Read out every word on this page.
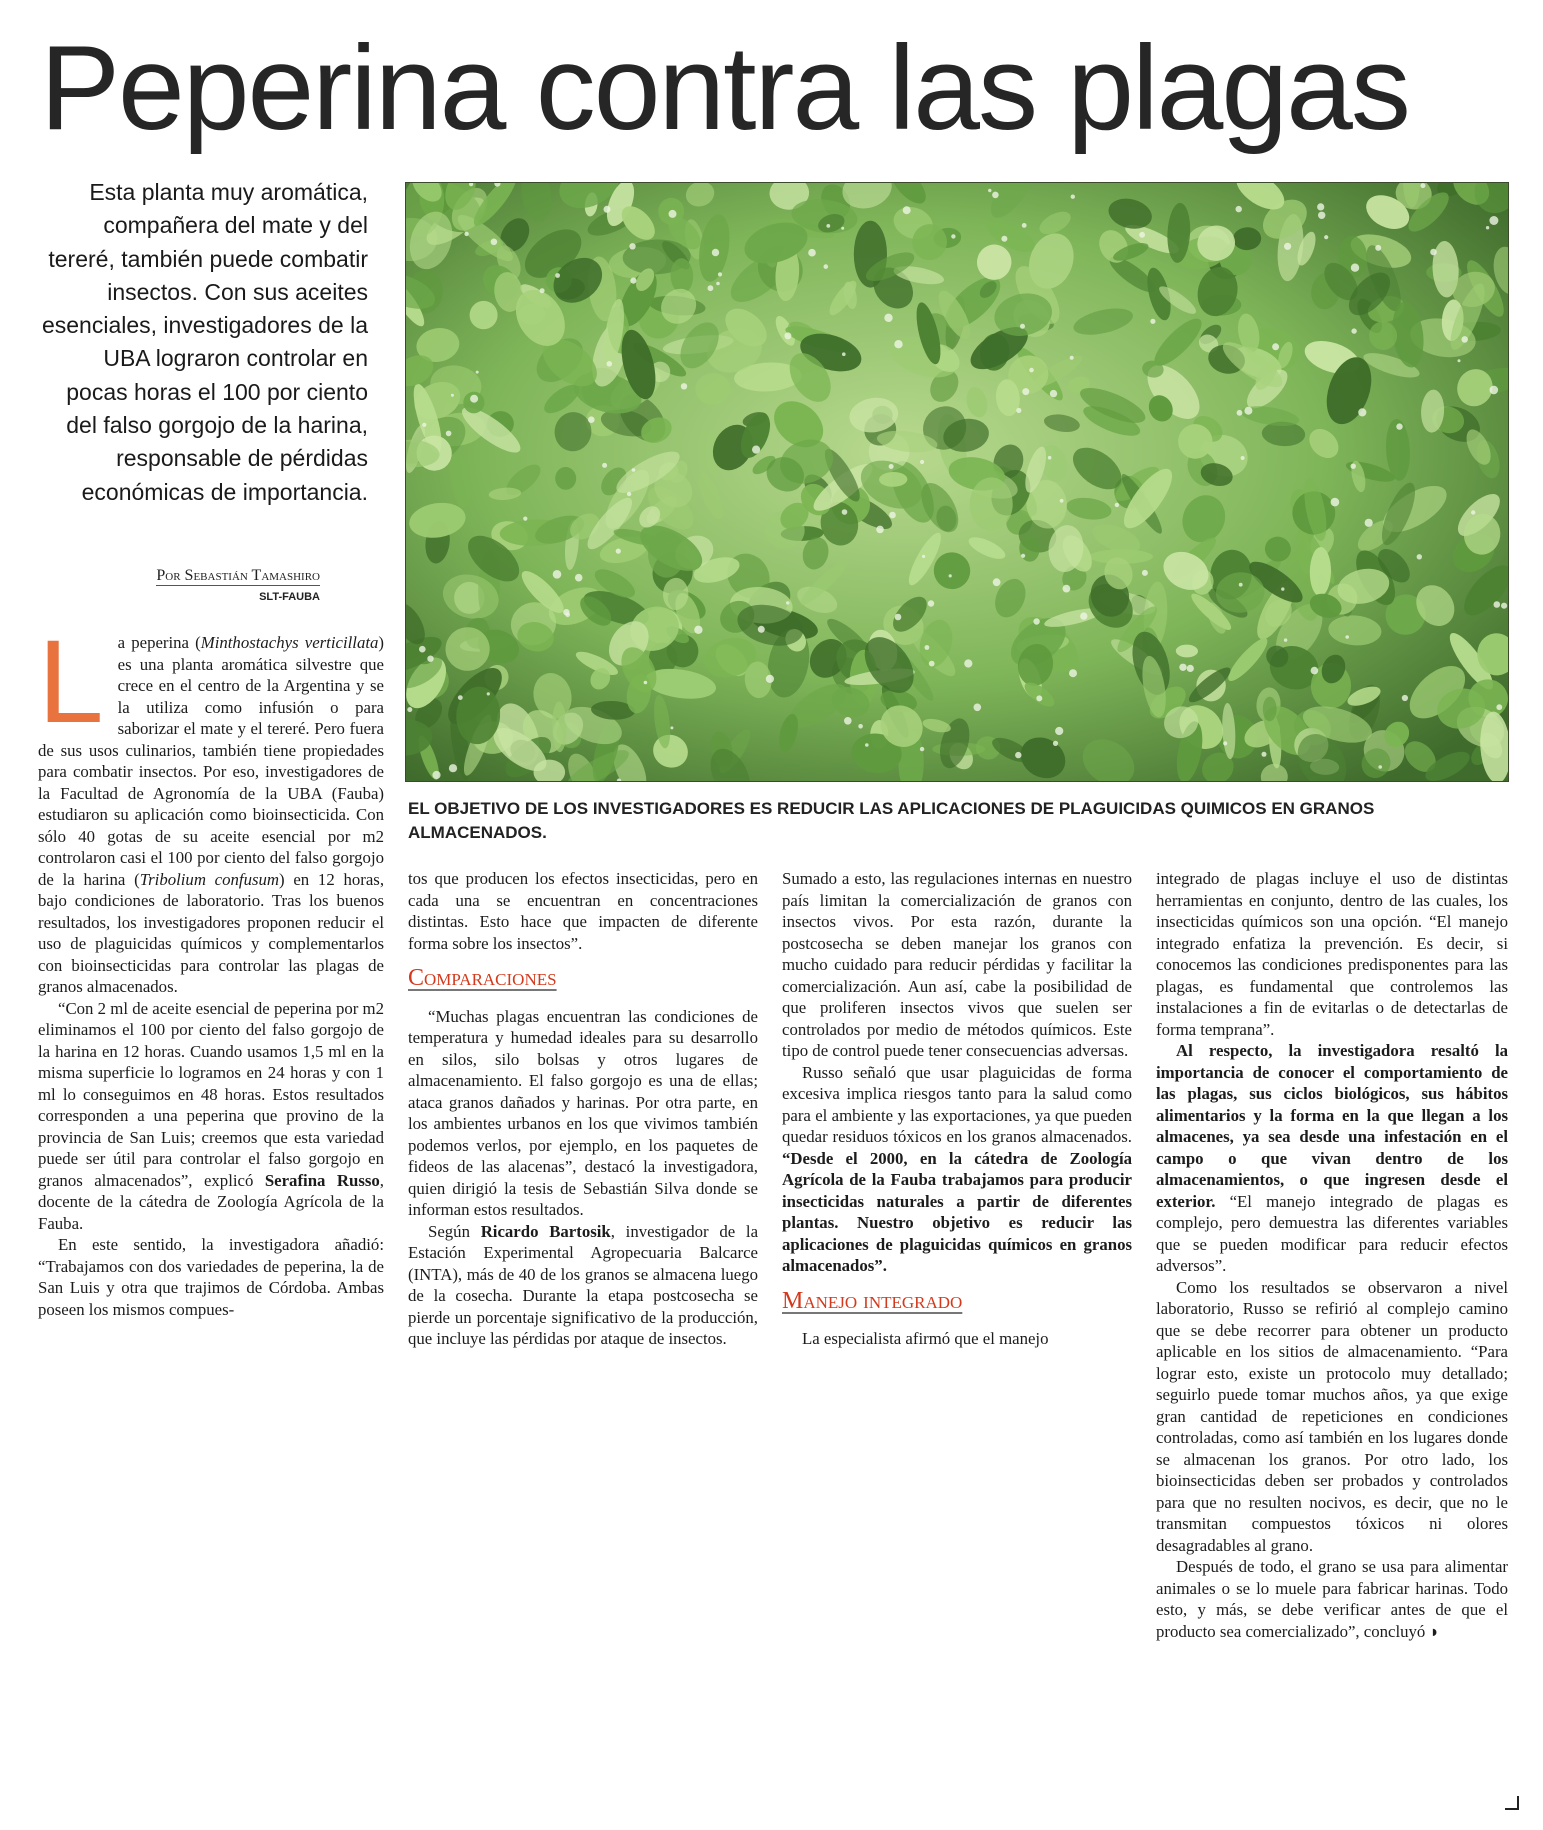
Peperina contra las plagas
Esta planta muy aromática, compañera del mate y del tereré, también puede combatir insectos. Con sus aceites esenciales, investigadores de la UBA lograron controlar en pocas horas el 100 por ciento del falso gorgojo de la harina, responsable de pérdidas económicas de importancia.
Por Sebastián Tamashiro
SLT-FAUBA
EL OBJETIVO DE LOS INVESTIGADORES ES REDUCIR LAS APLICACIONES DE PLAGUICIDAS QUIMICOS EN GRANOS ALMACENADOS.

La peperina (Minthostachys verticillata) es una planta aromática silvestre que crece en el centro de la Argentina y se la utiliza como infusión o para saborizar el mate y el tereré. Pero fuera de sus usos culinarios, también tiene propiedades para combatir insectos. Por eso, investigadores de la Facultad de Agronomía de la UBA (Fauba) estudiaron su aplicación como bioinsecticida. Con sólo 40 gotas de su aceite esencial por m2 controlaron casi el 100 por ciento del falso gorgojo de la harina (Tribolium confusum) en 12 horas, bajo condiciones de laboratorio. Tras los buenos resultados, los investigadores proponen reducir el uso de plaguicidas químicos y complementarlos con bioinsecticidas para controlar las plagas de granos almacenados.

“Con 2 ml de aceite esencial de peperina por m2 eliminamos el 100 por ciento del falso gorgojo de la harina en 12 horas. Cuando usamos 1,5 ml en la misma superficie lo logramos en 24 horas y con 1 ml lo conseguimos en 48 horas. Estos resultados corresponden a una peperina que provino de la provincia de San Luis; creemos que esta variedad puede ser útil para controlar el falso gorgojo en granos almacenados”, explicó Serafina Russo, docente de la cátedra de Zoología Agrícola de la Fauba.

En este sentido, la investigadora añadió: “Trabajamos con dos variedades de peperina, la de San Luis y otra que trajimos de Córdoba. Ambas poseen los mismos compues-

tos que producen los efectos insecticidas, pero en cada una se encuentran en concentraciones distintas. Esto hace que impacten de diferente forma sobre los insectos”.

Comparaciones

“Muchas plagas encuentran las condiciones de temperatura y humedad ideales para su desarrollo en silos, silo bolsas y otros lugares de almacenamiento. El falso gorgojo es una de ellas; ataca granos dañados y harinas. Por otra parte, en los ambientes urbanos en los que vivimos también podemos verlos, por ejemplo, en los paquetes de fideos de las alacenas”, destacó la investigadora, quien dirigió la tesis de Sebastián Silva donde se informan estos resultados.

Según Ricardo Bartosik, investigador de la Estación Experimental Agropecuaria Balcarce (INTA), más de 40 de los granos se almacena luego de la cosecha. Durante la etapa postcosecha se pierde un porcentaje significativo de la producción, que incluye las pérdidas por ataque de insectos.

Sumado a esto, las regulaciones internas en nuestro país limitan la comercialización de granos con insectos vivos. Por esta razón, durante la postcosecha se deben manejar los granos con mucho cuidado para reducir pérdidas y facilitar la comercialización. Aun así, cabe la posibilidad de que proliferen insectos vivos que suelen ser controlados por medio de métodos químicos. Este tipo de control puede tener consecuencias adversas.

Russo señaló que usar plaguicidas de forma excesiva implica riesgos tanto para la salud como para el ambiente y las exportaciones, ya que pueden quedar residuos tóxicos en los granos almacenados. “Desde el 2000, en la cátedra de Zoología Agrícola de la Fauba trabajamos para producir insecticidas naturales a partir de diferentes plantas. Nuestro objetivo es reducir las aplicaciones de plaguicidas químicos en granos almacenados”.

Manejo integrado

La especialista afirmó que el manejo

integrado de plagas incluye el uso de distintas herramientas en conjunto, dentro de las cuales, los insecticidas químicos son una opción. “El manejo integrado enfatiza la prevención. Es decir, si conocemos las condiciones predisponentes para las plagas, es fundamental que controlemos las instalaciones a fin de evitarlas o de detectarlas de forma temprana”.

Al respecto, la investigadora resaltó la importancia de conocer el comportamiento de las plagas, sus ciclos biológicos, sus hábitos alimentarios y la forma en la que llegan a los almacenes, ya sea desde una infestación en el campo o que vivan dentro de los almacenamientos, o que ingresen desde el exterior. “El manejo integrado de plagas es complejo, pero demuestra las diferentes variables que se pueden modificar para reducir efectos adversos”.

Como los resultados se observaron a nivel laboratorio, Russo se refirió al complejo camino que se debe recorrer para obtener un producto aplicable en los sitios de almacenamiento. “Para lograr esto, existe un protocolo muy detallado; seguirlo puede tomar muchos años, ya que exige gran cantidad de repeticiones en condiciones controladas, como así también en los lugares donde se almacenan los granos. Por otro lado, los bioinsecticidas deben ser probados y controlados para que no resulten nocivos, es decir, que no le transmitan compuestos tóxicos ni olores desagradables al grano.

Después de todo, el grano se usa para alimentar animales o se lo muele para fabricar harinas. Todo esto, y más, se debe verificar antes de que el producto sea comercializado”, concluyó ◗
